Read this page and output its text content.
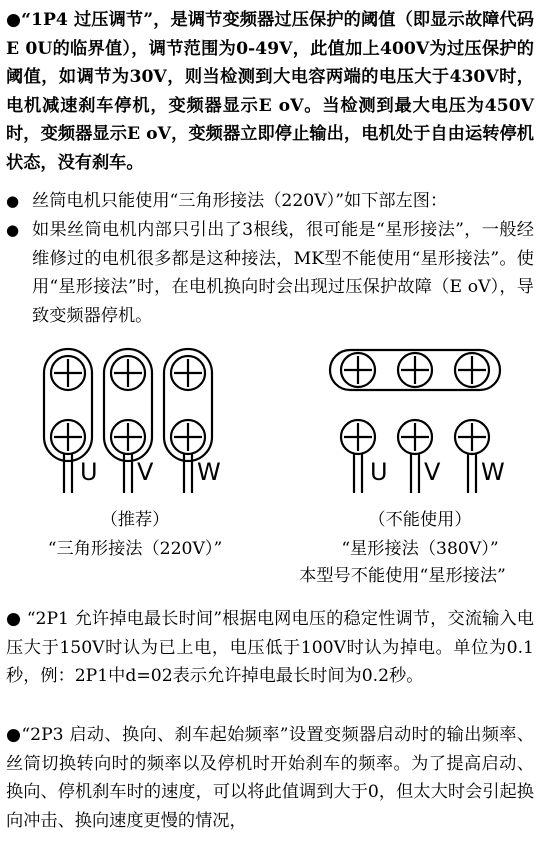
●“1P4 过压调节”，是调节变频器过压保护的阈值（即显示故障代码E 0U的临界值），调节范围为0-49V，此值加上400V为过压保护的阈值，如调节为30V，则当检测到大电容两端的电压大于430V时，电机减速刹车停机，变频器显示E oV。当检测到最大电压为450V时，变频器显示E oV，变频器立即停止输出，电机处于自由运转停机状态，没有刹车。
● 丝筒电机只能使用“三角形接法（220V）”如下部左图：
● 如果丝筒电机内部只引出了3根线，很可能是“星形接法”，一般经维修过的电机很多都是这种接法，MK型不能使用“星形接法”。使用“星形接法”时，在电机换向时会出现过压保护故障（E oV），导致变频器停机。
U V W	U V W
（推荐）
“三角形接法（220V）”
（不能使用）
“星形接法（380V）”
本型号不能使用“星形接法”
● “2P1 允许掉电最长时间”根据电网电压的稳定性调节，交流输入电压大于150V时认为已上电，电压低于100V时认为掉电。单位为0.1秒，例：2P1中d=02表示允许掉电最长时间为0.2秒。
●“2P3 启动、换向、刹车起始频率”设置变频器启动时的输出频率、丝筒切换转向时的频率以及停机时开始刹车的频率。为了提高启动、换向、停机刹车时的速度，可以将此值调到大于0，但太大时会引起换向冲击、换向速度更慢的情况，
